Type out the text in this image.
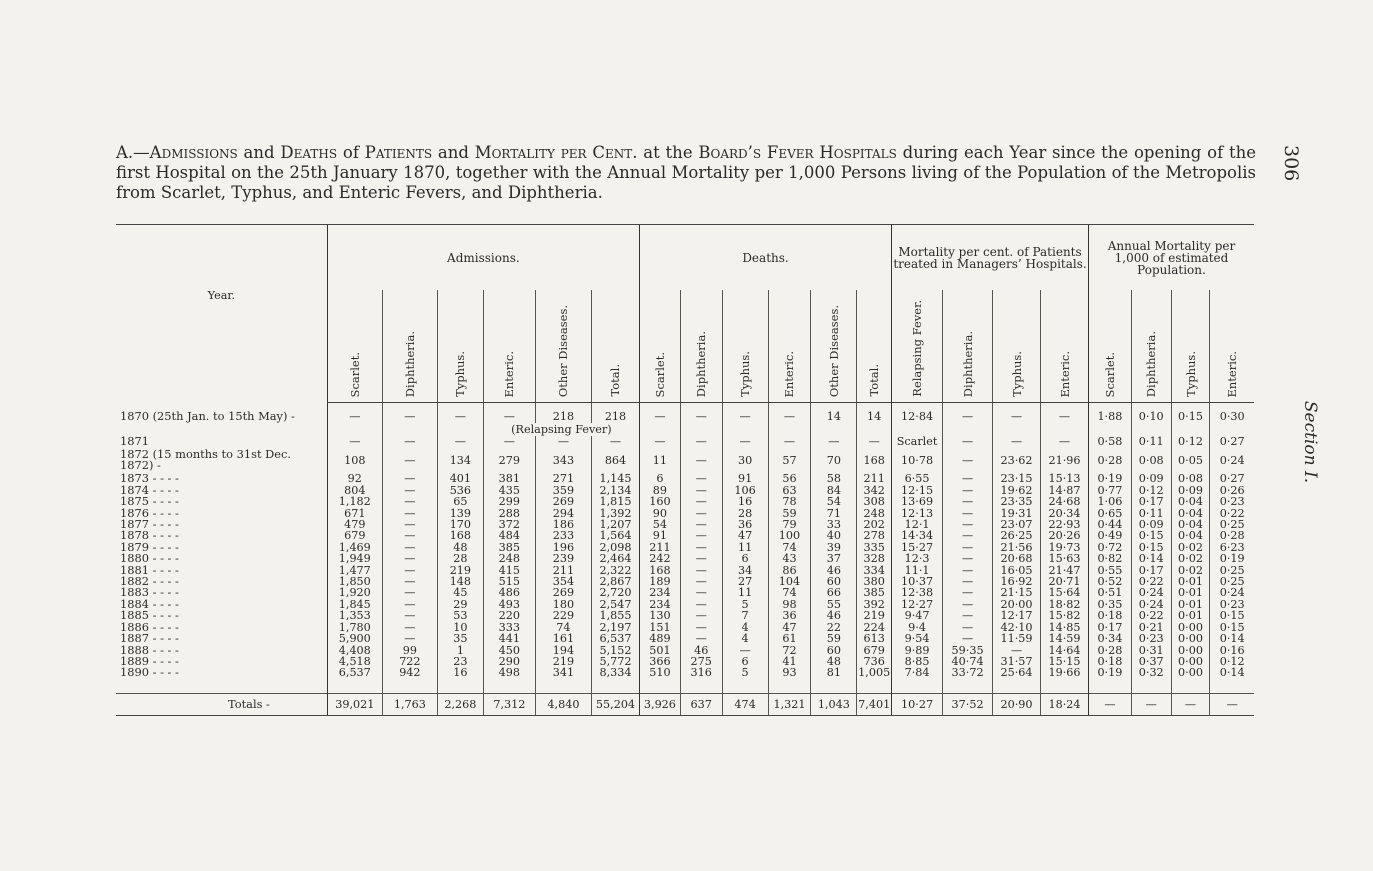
306
Section I.
A.—Admissions and Deaths of Patients and Mortality per Cent. at the Board’s Fever Hospitals during each Year since the opening of the first Hospital on the 25th January 1870, together with the Annual Mortality per 1,000 Persons living of the Population of the Metropolis from Scarlet, Typhus, and Enteric Fevers, and Diphtheria.
Year.	Admissions.						Deaths.						Mortality per cent. of Patients treated in Managers’ Hospitals.				Annual Mortality per 1,000 of estimated Population.			

	Scarlet.	Diphtheria.	Typhus.	Enteric.	Other Diseases.	Total.	Scarlet.	Diphtheria.	Typhus.	Enteric.	Other Diseases.	Total.	Relapsing Fever.	Diphtheria.	Typhus.	Enteric.	Scarlet.	Diphtheria.	Typhus.	Enteric.

1870 (25th Jan. to 15th May) -	—	—	—	—	218	218	—	—	—	—	14	14	12·84	—	—	—	1·88	0·10	0·15	0·30
				(Relapsing Fever)																
1871	—	—	—	—	—	—	—	—	—	—	—	—	Scarlet	—	—	—	0·58	0·11	0·12	0·27
1872 (15 months to 31st Dec. 1872) -	108	—	134	279	343	864	11	—	30	57	70	168	10·78	—	23·62	21·96	0·28	0·08	0·05	0·24
1873 - - - -	92	—	401	381	271	1,145	6	—	91	56	58	211	6·55	—	23·15	15·13	0·19	0·09	0·08	0·27
1874 - - - -	804	—	536	435	359	2,134	89	—	106	63	84	342	12·15	—	19·62	14·87	0·77	0·12	0·09	0·26
1875 - - - -	1,182	—	65	299	269	1,815	160	—	16	78	54	308	13·69	—	23·35	24·68	1·06	0·17	0·04	0·23
1876 - - - -	671	—	139	288	294	1,392	90	—	28	59	71	248	12·13	—	19·31	20·34	0·65	0·11	0·04	0·22
1877 - - - -	479	—	170	372	186	1,207	54	—	36	79	33	202	12·1	—	23·07	22·93	0·44	0·09	0·04	0·25
1878 - - - -	679	—	168	484	233	1,564	91	—	47	100	40	278	14·34	—	26·25	20·26	0·49	0·15	0·04	0·28
1879 - - - -	1,469	—	48	385	196	2,098	211	—	11	74	39	335	15·27	—	21·56	19·73	0·72	0·15	0·02	6·23
1880 - - - -	1,949	—	28	248	239	2,464	242	—	6	43	37	328	12·3	—	20·68	15·63	0·82	0·14	0·02	0·19
1881 - - - -	1,477	—	219	415	211	2,322	168	—	34	86	46	334	11·1	—	16·05	21·47	0·55	0·17	0·02	0·25
1882 - - - -	1,850	—	148	515	354	2,867	189	—	27	104	60	380	10·37	—	16·92	20·71	0·52	0·22	0·01	0·25
1883 - - - -	1,920	—	45	486	269	2,720	234	—	11	74	66	385	12·38	—	21·15	15·64	0·51	0·24	0·01	0·24
1884 - - - -	1,845	—	29	493	180	2,547	234	—	5	98	55	392	12·27	—	20·00	18·82	0·35	0·24	0·01	0·23
1885 - - - -	1,353	—	53	220	229	1,855	130	—	7	36	46	219	9·47	—	12·17	15·82	0·18	0·22	0·01	0·15
1886 - - - -	1,780	—	10	333	74	2,197	151	—	4	47	22	224	9·4	—	42·10	14·85	0·17	0·21	0·00	0·15
1887 - - - -	5,900	—	35	441	161	6,537	489	—	4	61	59	613	9·54	—	11·59	14·59	0·34	0·23	0·00	0·14
1888 - - - -	4,408	99	1	450	194	5,152	501	46	—	72	60	679	9·89	59·35	—	14·64	0·28	0·31	0·00	0·16
1889 - - - -	4,518	722	23	290	219	5,772	366	275	6	41	48	736	8·85	40·74	31·57	15·15	0·18	0·37	0·00	0·12
1890 - - - -	6,537	942	16	498	341	8,334	510	316	5	93	81	1,005	7·84	33·72	25·64	19·66	0·19	0·32	0·00	0·14

Totals -	39,021	1,763	2,268	7,312	4,840	55,204	3,926	637	474	1,321	1,043	7,401	10·27	37·52	20·90	18·24	—	—	—	—
